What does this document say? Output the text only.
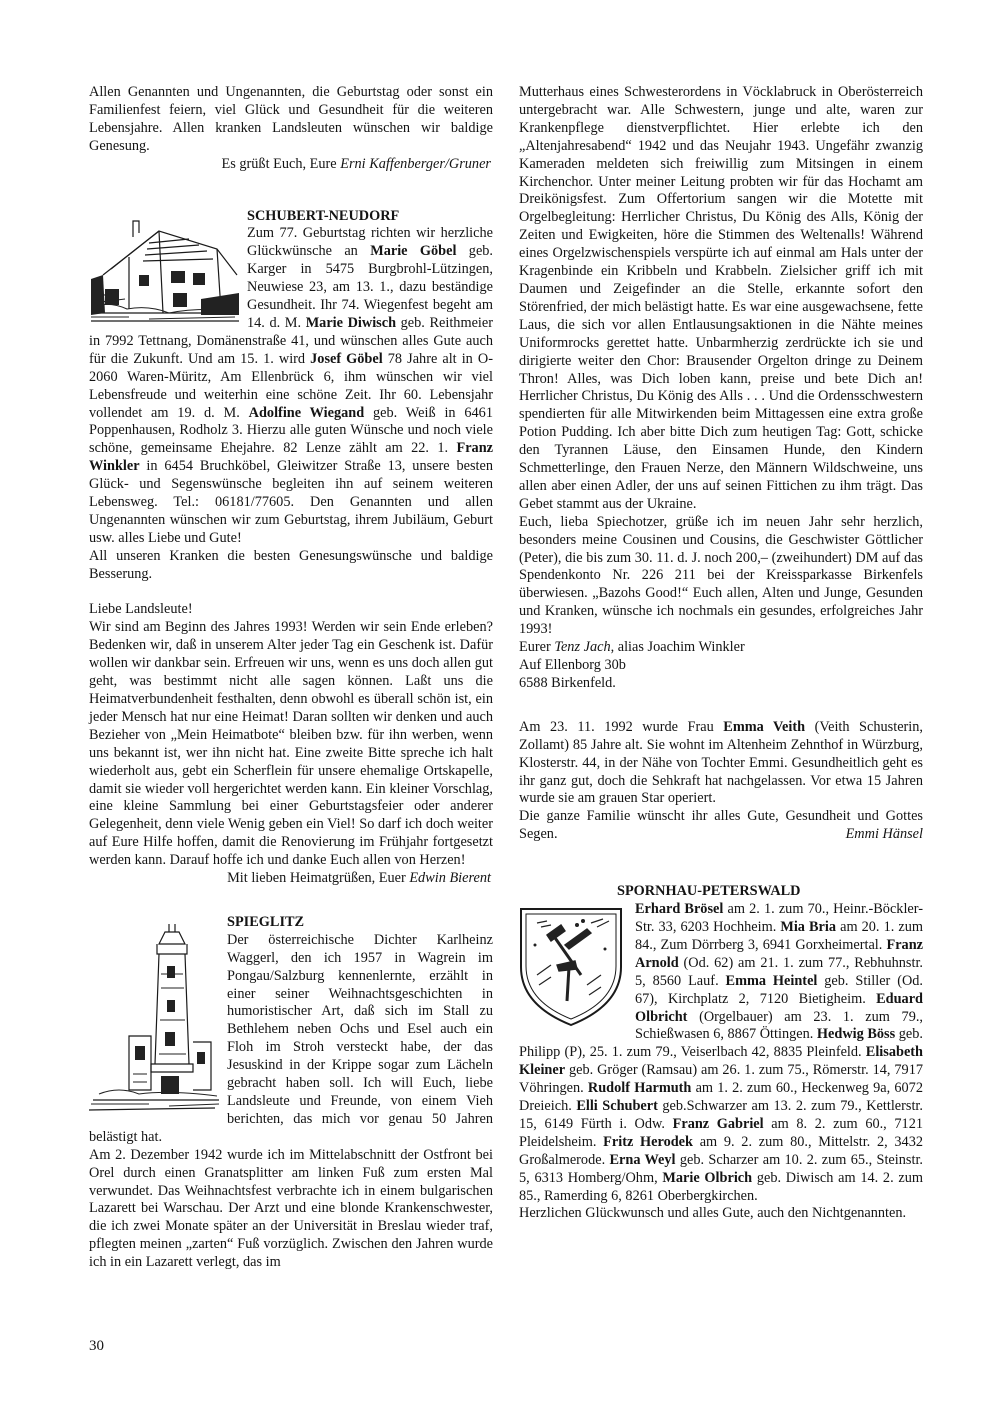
Allen Genannten und Ungenannten, die Geburtstag oder sonst ein Familienfest feiern, viel Glück und Gesundheit für die weiteren Lebensjahre. Allen kranken Landsleuten wünschen wir baldige Genesung.

Es grüßt Euch, Eure Erni Kaffenberger/Gruner

SCHUBERT-NEUDORF

Zum 77. Geburtstag richten wir herzliche Glückwünsche an Marie Göbel geb. Karger in 5475 Burgbrohl-Lützingen, Neuwiese 23, am 13. 1., dazu beständige Gesundheit. Ihr 74. Wiegenfest begeht am 14. d. M. Marie Diwisch geb. Reithmeier in 7992 Tettnang, Domänenstraße 41, und wünschen alles Gute auch für die Zukunft. Und am 15. 1. wird Josef Göbel 78 Jahre alt in O-2060 Waren-Müritz, Am Ellenbrück 6, ihm wünschen wir viel Lebensfreude und weiterhin eine schöne Zeit. Ihr 60. Lebensjahr vollendet am 19. d. M. Adolfine Wiegand geb. Weiß in 6461 Poppenhausen, Rodholz 3. Hierzu alle guten Wünsche und noch viele schöne, gemeinsame Ehejahre. 82 Lenze zählt am 22. 1. Franz Winkler in 6454 Bruchköbel, Gleiwitzer Straße 13, unsere besten Glück- und Segenswünsche begleiten ihn auf seinem weiteren Lebensweg. Tel.: 06181/77605. Den Genannten und allen Ungenannten wünschen wir zum Geburtstag, ihrem Jubiläum, Geburt usw. alles Liebe und Gute!

All unseren Kranken die besten Genesungswünsche und baldige Besserung.

Liebe Landsleute!

Wir sind am Beginn des Jahres 1993! Werden wir sein Ende erleben? Bedenken wir, daß in unserem Alter jeder Tag ein Geschenk ist. Dafür wollen wir dankbar sein. Erfreuen wir uns, wenn es uns doch allen gut geht, was bestimmt nicht alle sagen können. Laßt uns die Heimatverbundenheit festhalten, denn obwohl es überall schön ist, ein jeder Mensch hat nur eine Heimat! Daran sollten wir denken und auch Bezieher von „Mein Heimatbote“ bleiben bzw. für ihn werben, wenn uns bekannt ist, wer ihn nicht hat. Eine zweite Bitte spreche ich halt wiederholt aus, gebt ein Scherflein für unsere ehemalige Ortskapelle, damit sie wieder voll hergerichtet werden kann. Ein kleiner Vorschlag, eine kleine Sammlung bei einer Geburtstagsfeier oder anderer Gelegenheit, denn viele Wenig geben ein Viel! So darf ich doch weiter auf Eure Hilfe hoffen, damit die Renovierung im Frühjahr fortgesetzt werden kann. Darauf hoffe ich und danke Euch allen von Herzen!

Mit lieben Heimatgrüßen, Euer Edwin Bierent

SPIEGLITZ

Der österreichische Dichter Karlheinz Waggerl, den ich 1957 in Wagrein im Pongau/Salzburg kennenlernte, erzählt in einer seiner Weihnachtsgeschichten in humoristischer Art, daß sich im Stall zu Bethlehem neben Ochs und Esel auch ein Floh im Stroh versteckt habe, der das Jesuskind in der Krippe sogar zum Lächeln gebracht haben soll. Ich will Euch, liebe Landsleute und Freunde, von einem Vieh berichten, das mich vor genau 50 Jahren belästigt hat.

Am 2. Dezember 1942 wurde ich im Mittelabschnitt der Ostfront bei Orel durch einen Granatsplitter am linken Fuß zum ersten Mal verwundet. Das Weihnachtsfest verbrachte ich in einem bulgarischen Lazarett bei Warschau. Der Arzt und eine blonde Krankenschwester, die ich zwei Monate später an der Universität in Breslau wieder traf, pflegten meinen „zarten“ Fuß vorzüglich. Zwischen den Jahren wurde ich in ein Lazarett verlegt, das im

Mutterhaus eines Schwesterordens in Vöcklabruck in Oberösterreich untergebracht war. Alle Schwestern, junge und alte, waren zur Krankenpflege dienstverpflichtet. Hier erlebte ich den „Altenjahresabend“ 1942 und das Neujahr 1943. Ungefähr zwanzig Kameraden meldeten sich freiwillig zum Mitsingen in einem Kirchenchor. Unter meiner Leitung probten wir für das Hochamt am Dreikönigsfest. Zum Offertorium sangen wir die Motette mit Orgelbegleitung: Herrlicher Christus, Du König des Alls, König der Zeiten und Ewigkeiten, höre die Stimmen des Weltenalls! Während eines Orgelzwischenspiels verspürte ich auf einmal am Hals unter der Kragenbinde ein Kribbeln und Krabbeln. Zielsicher griff ich mit Daumen und Zeigefinder an die Stelle, erkannte sofort den Störenfried, der mich belästigt hatte. Es war eine ausgewachsene, fette Laus, die sich vor allen Entlausungsaktionen in die Nähte meines Uniformrocks gerettet hatte. Unbarmherzig zerdrückte ich sie und dirigierte weiter den Chor: Brausender Orgelton dringe zu Deinem Thron! Alles, was Dich loben kann, preise und bete Dich an! Herrlicher Christus, Du König des Alls . . . Und die Ordensschwestern spendierten für alle Mitwirkenden beim Mittagessen eine extra große Potion Pudding. Ich aber bitte Dich zum heutigen Tag: Gott, schicke den Tyrannen Läuse, den Einsamen Hunde, den Kindern Schmetterlinge, den Frauen Nerze, den Männern Wildschweine, uns allen aber einen Adler, der uns auf seinen Fittichen zu ihm trägt. Das Gebet stammt aus der Ukraine.

Euch, lieba Spiechotzer, grüße ich im neuen Jahr sehr herzlich, besonders meine Cousinen und Cousins, die Geschwister Göttlicher (Peter), die bis zum 30. 11. d. J. noch 200,– (zweihundert) DM auf das Spendenkonto Nr. 226 211 bei der Kreissparkasse Birkenfels überwiesen. „Bazohs Good!“ Euch allen, Alten und Junge, Gesunden und Kranken, wünsche ich nochmals ein gesundes, erfolgreiches Jahr 1993!

Eurer Tenz Jach, alias Joachim Winkler

Auf Ellenborg 30b

6588 Birkenfeld.

Am 23. 11. 1992 wurde Frau Emma Veith (Veith Schusterin, Zollamt) 85 Jahre alt. Sie wohnt im Altenheim Zehnthof in Würzburg, Klosterstr. 44, in der Nähe von Tochter Emmi. Gesundheitlich geht es ihr ganz gut, doch die Sehkraft hat nachgelassen. Vor etwa 15 Jahren wurde sie am grauen Star operiert.

Die ganze Familie wünscht ihr alles Gute, Gesundheit und Gottes Segen.	Emmi Hänsel

SPORNHAU-PETERSWALD

Erhard Brösel am 2. 1. zum 70., Heinr.-Böckler-Str. 33, 6203 Hochheim. Mia Bria am 20. 1. zum 84., Zum Dörrberg 3, 6941 Gorxheimertal. Franz Arnold (Od. 62) am 21. 1. zum 77., Rebhuhnstr. 5, 8560 Lauf. Emma Heintel geb. Stiller (Od. 67), Kirchplatz 2, 7120 Bietigheim. Eduard Olbricht (Orgelbauer) am 23. 1. zum 79., Schießwasen 6, 8867 Öttingen. Hedwig Böss geb. Philipp (P), 25. 1. zum 79., Veiserlbach 42, 8835 Pleinfeld. Elisabeth Kleiner geb. Gröger (Ramsau) am 26. 1. zum 75., Römerstr. 14, 7917 Vöhringen. Rudolf Harmuth am 1. 2. zum 60., Heckenweg 9a, 6072 Dreieich. Elli Schubert geb.Schwarzer am 13. 2. zum 79., Kettlerstr. 15, 6149 Fürth i. Odw. Franz Gabriel am 8. 2. zum 60., 7121 Pleidelsheim. Fritz Herodek am 9. 2. zum 80., Mittelstr. 2, 3432 Großalmerode. Erna Weyl geb. Scharzer am 10. 2. zum 65., Steinstr. 5, 6313 Homberg/Ohm, Marie Olbrich geb. Diwisch am 14. 2. zum 85., Ramerding 6, 8261 Oberbergkirchen.

Herzlichen Glückwunsch und alles Gute, auch den Nichtgenannten.

30
